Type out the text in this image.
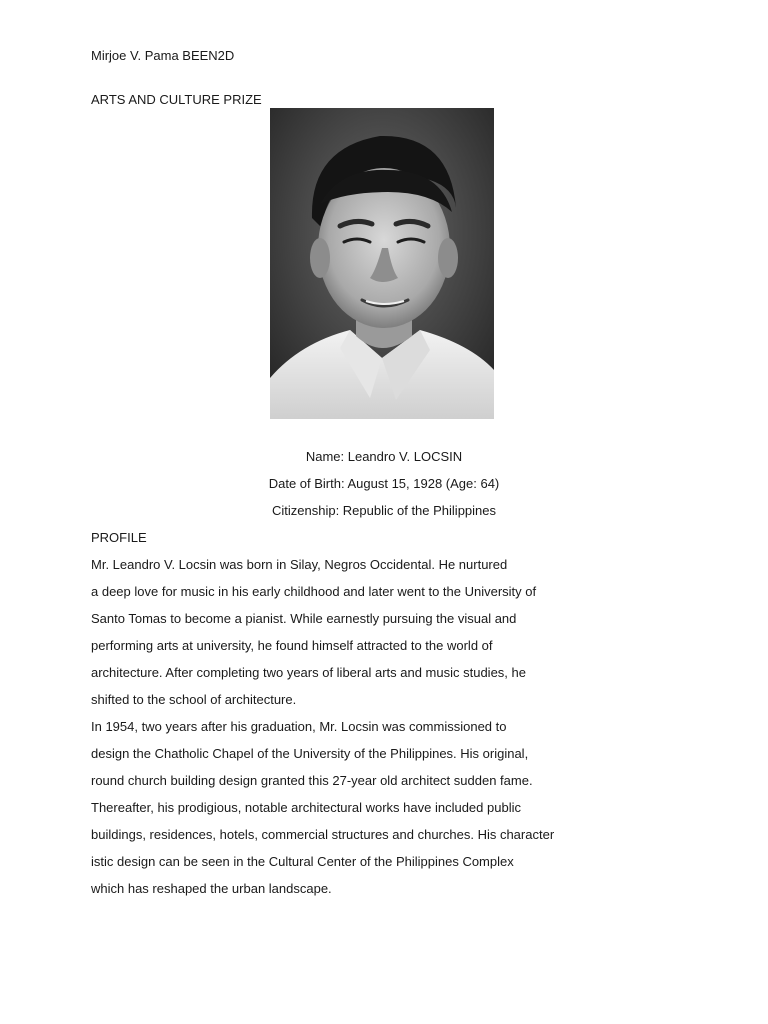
Mirjoe V. Pama BEEN2D
ARTS AND CULTURE PRIZE
Name: Leandro V. LOCSIN
Date of Birth: August 15, 1928 (Age: 64)
Citizenship: Republic of the Philippines
PROFILE
Mr. Leandro V. Locsin was born in Silay, Negros Occidental. He nurtured
a deep love for music in his early childhood and later went to the University of
Santo Tomas to become a pianist. While earnestly pursuing the visual and
performing arts at university, he found himself attracted to the world of
architecture. After completing two years of liberal arts and music studies, he
shifted to the school of architecture.
In 1954, two years after his graduation, Mr. Locsin was commissioned to
design the Chatholic Chapel of the University of the Philippines. His original,
round church building design granted this 27-year old architect sudden fame.
Thereafter, his prodigious, notable architectural works have included public
buildings, residences, hotels, commercial structures and churches. His character
istic design can be seen in the Cultural Center of the Philippines Complex
which has reshaped the urban landscape.
